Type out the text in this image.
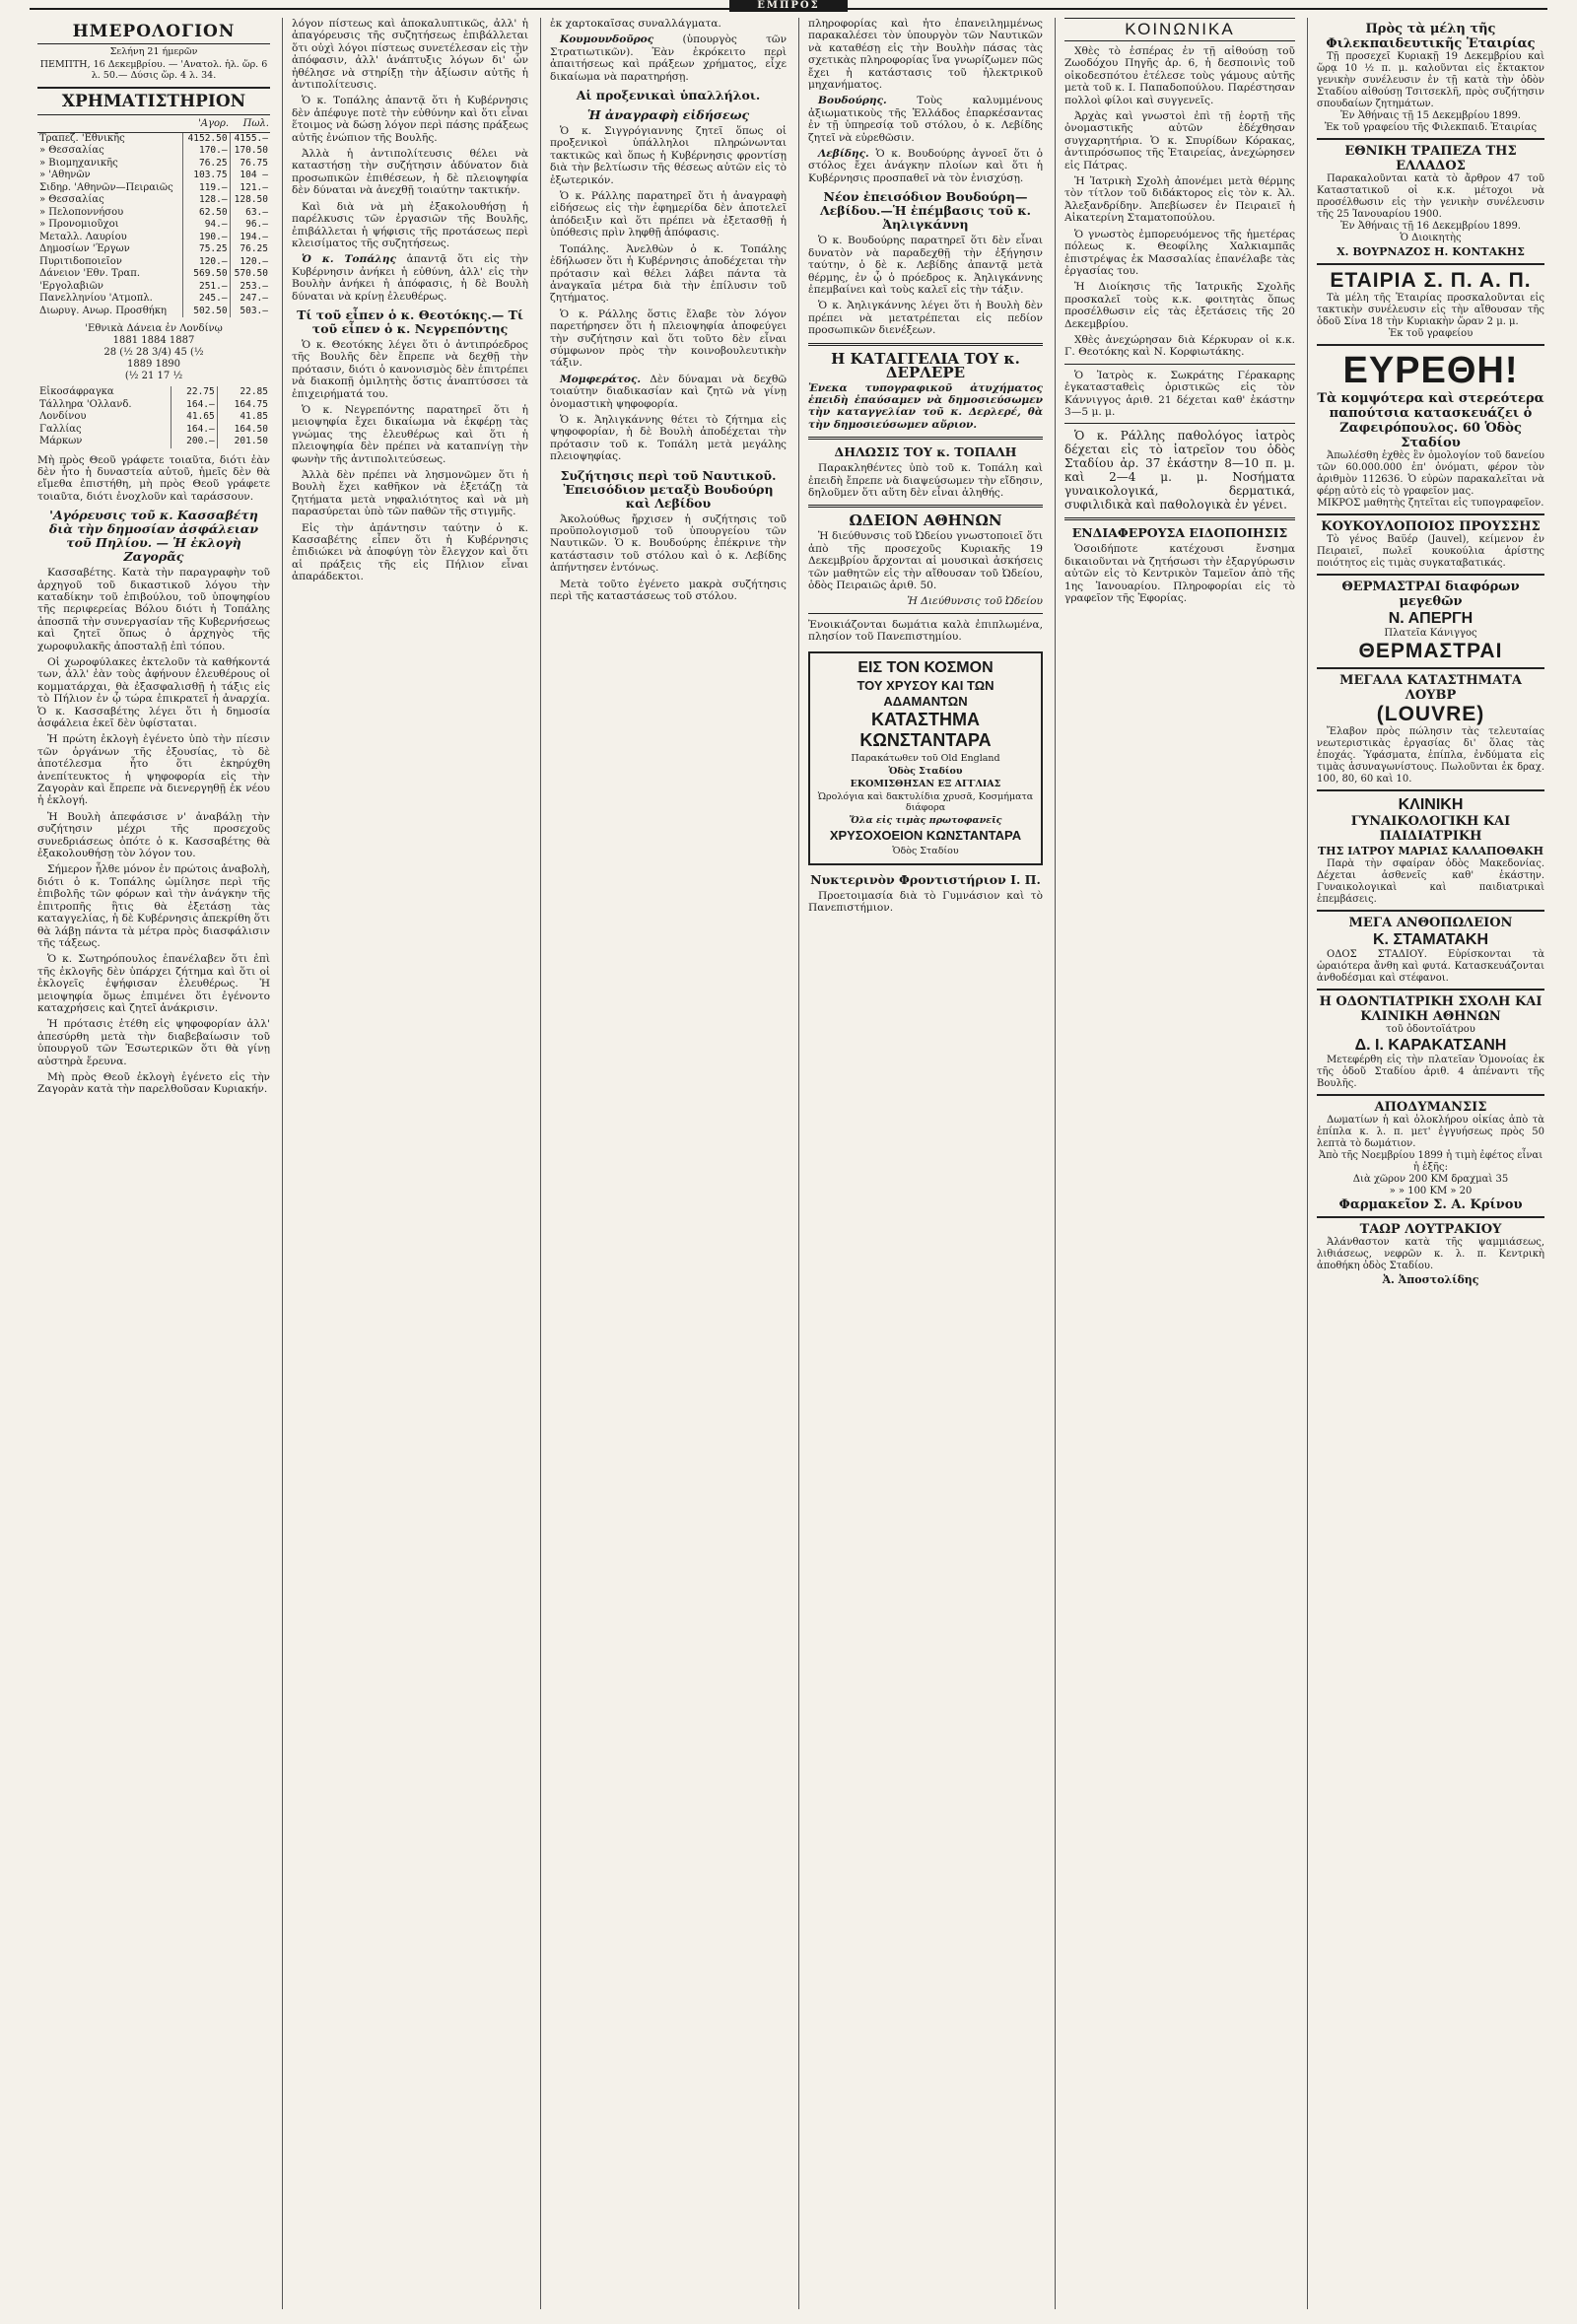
ΕΜΠΡΟΣ
ΗΜΕΡΟΛΟΓΙΟΝ
Σελήνη 21 ήμερῶν
ΠΕΜΠΤΗ, 16 Δεκεμβρίου. — 'Ανατολ. ἡλ. ὥρ. 6 λ. 50.— Δύσις ὥρ. 4 λ. 34.
ΧΡΗΜΑΤΙΣΤΗΡΙΟΝ
	'Αγορ.	Πωλ.
Τραπεζ. 'Εθνικῆς	4152.50	4155.—
» Θεσσαλίας	170.—	170.50
» Βιομηχανικῆς	76.25	76.75
» 'Αθηνῶν	103.75	104 —
Σιδηρ. 'Αθηνῶν—Πειραιῶς	119.—	121.—
» Θεσσαλίας	128.—	128.50
» Πελοποννήσου	62.50	63.—
» Προνομιοῦχοι	94.—	96.—
Μεταλλ. Λαυρίου	190.—	194.—
Δημοσίων 'Έργων	75.25	76.25
Πυριτιδοποιεῖον	120.—	120.—
Δάνειον 'Εθν. Τραπ.	569.50	570.50
'Εργολαβιῶν	251.—	253.—
Πανελληνίου 'Ατμοπλ.	245.—	247.—
Διωρυγ. Ανωρ. Προσθήκη	502.50	503.—
'Εθνικὰ Δάνεια ἐν Λονδίνῳ
1881 1884 1887
28 (½ 28 3/4) 45 (½
1889 1890
(½ 21 17 ½
Εἰκοσάφραγκα	22.75	22.85
Τάλληρα 'Ολλανδ.	164.—	164.75
Λονδίνου	41.65	41.85
Γαλλίας	164.—	164.50
Μάρκων	200.—	201.50

Μὴ πρὸς Θεοῦ γράφετε τοιαῦτα, διότι ἐὰν δὲν ἦτο ἡ δυναστεία αὐτοῦ, ἡμεῖς δὲν θὰ εἴμεθα ἐπιστήθη, μὴ πρὸς Θεοῦ γράφετε τοιαῦτα, διότι ἐνοχλοῦν καὶ ταράσσουν.

'Αγόρευσις τοῦ κ. Κασσαβέτη διὰ τὴν δημοσίαν ἀσφάλειαν τοῦ Πηλίου. — Ἡ ἐκλογὴ Ζαγορᾶς

Κασσαβέτης. Κατὰ τὴν παραγραφὴν τοῦ ἀρχηγοῦ τοῦ δικαστικοῦ λόγου τὴν καταδίκην τοῦ ἐπιβούλου, τοῦ ὑποψηφίου τῆς περιφερείας Βόλου διότι ἡ Τοπάλης ἀποσπᾶ τὴν συνεργασίαν τῆς Κυβερνήσεως καὶ ζητεῖ ὅπως ὁ ἀρχηγὸς τῆς χωροφυλακῆς ἀποσταλῇ ἐπὶ τόπου.

Οἱ χωροφύλακες ἐκτελοῦν τὰ καθήκοντά των, ἀλλ' ἐὰν τοὺς ἀφήνουν ἐλευθέρους οἱ κομματάρχαι, θὰ ἐξασφαλισθῇ ἡ τάξις εἰς τὸ Πήλιον ἐν ᾧ τώρα ἐπικρατεῖ ἡ ἀναρχία. Ὁ κ. Κασσαβέτης λέγει ὅτι ἡ δημοσία ἀσφάλεια ἐκεῖ δὲν ὑφίσταται.

Ἡ πρώτη ἐκλογὴ ἐγένετο ὑπὸ τὴν πίεσιν τῶν ὀργάνων τῆς ἐξουσίας, τὸ δὲ ἀποτέλεσμα ἦτο ὅτι ἐκηρύχθη ἀνεπίτευκτος ἡ ψηφοφορία εἰς τὴν Ζαγορὰν καὶ ἔπρεπε νὰ διενεργηθῇ ἐκ νέου ἡ ἐκλογή.

Ἡ Βουλὴ ἀπεφάσισε ν' ἀναβάλῃ τὴν συζήτησιν μέχρι τῆς προσεχοῦς συνεδριάσεως ὁπότε ὁ κ. Κασσαβέτης θὰ ἐξακολουθήσῃ τὸν λόγον του.

Σήμερον ἦλθε μόνον ἐν πρώτοις ἀναβολὴ, διότι ὁ κ. Τοπάλης ὡμίλησε περὶ τῆς ἐπιβολῆς τῶν φόρων καὶ τὴν ἀνάγκην τῆς ἐπιτροπῆς ἣτις θὰ ἐξετάσῃ τὰς καταγγελίας, ἡ δὲ Κυβέρνησις ἀπεκρίθη ὅτι θὰ λάβῃ πάντα τὰ μέτρα πρὸς διασφάλισιν τῆς τάξεως.

Ὁ κ. Σωτηρόπουλος ἐπανέλαβεν ὅτι ἐπὶ τῆς ἐκλογῆς δὲν ὑπάρχει ζήτημα καὶ ὅτι οἱ ἐκλογεῖς ἐψήφισαν ἐλευθέρως. Ἡ μειοψηφία ὅμως ἐπιμένει ὅτι ἐγένοντο καταχρήσεις καὶ ζητεῖ ἀνάκρισιν.

Ἡ πρότασις ἐτέθη εἰς ψηφοφορίαν ἀλλ' ἀπεσύρθη μετὰ τὴν διαβεβαίωσιν τοῦ ὑπουργοῦ τῶν Ἐσωτερικῶν ὅτι θὰ γίνῃ αὐστηρὰ ἔρευνα.

Μὴ πρὸς Θεοῦ ἐκλογὴ ἐγένετο εἰς τὴν Ζαγορὰν κατὰ τὴν παρελθοῦσαν Κυριακήν.

λόγον πίστεως καὶ ἀποκαλυπτικῶς, ἀλλ' ἡ ἀπαγόρευσις τῆς συζητήσεως ἐπιβάλλεται ὅτι οὐχὶ λόγοι πίστεως συνετέλεσαν εἰς τὴν ἀπόφασιν, ἀλλ' ἀνάπτυξις λόγων δι' ὧν ἠθέλησε νὰ στηρίξῃ τὴν ἀξίωσιν αὐτῆς ἡ ἀντιπολίτευσις.

Ὁ κ. Τοπάλης ἀπαντᾷ ὅτι ἡ Κυβέρνησις δὲν ἀπέφυγε ποτὲ τὴν εὐθύνην καὶ ὅτι εἶναι ἕτοιμος νὰ δώσῃ λόγον περὶ πάσης πράξεως αὐτῆς ἐνώπιον τῆς Βουλῆς.

Ἀλλὰ ἡ ἀντιπολίτευσις θέλει νὰ καταστήσῃ τὴν συζήτησιν ἀδύνατον διὰ προσωπικῶν ἐπιθέσεων, ἡ δὲ πλειοψηφία δὲν δύναται νὰ ἀνεχθῇ τοιαύτην τακτικήν.

Καὶ διὰ νὰ μὴ ἐξακολουθήσῃ ἡ παρέλκυσις τῶν ἐργασιῶν τῆς Βουλῆς, ἐπιβάλλεται ἡ ψήφισις τῆς προτάσεως περὶ κλεισίματος τῆς συζητήσεως.

Ὁ κ. Τοπάλης ἀπαντᾷ ὅτι εἰς τὴν Κυβέρνησιν ἀνήκει ἡ εὐθύνη, ἀλλ' εἰς τὴν Βουλὴν ἀνήκει ἡ ἀπόφασις, ἡ δὲ Βουλὴ δύναται νὰ κρίνῃ ἐλευθέρως.

Τί τοῦ εἶπεν ὁ κ. Θεοτόκης.— Τί τοῦ εἶπεν ὁ κ. Νεγρεπόντης

Ὁ κ. Θεοτόκης λέγει ὅτι ὁ ἀντιπρόεδρος τῆς Βουλῆς δὲν ἔπρεπε νὰ δεχθῇ τὴν πρότασιν, διότι ὁ κανονισμὸς δὲν ἐπιτρέπει νὰ διακοπῇ ὁμιλητὴς ὅστις ἀναπτύσσει τὰ ἐπιχειρήματά του.

Ὁ κ. Νεγρεπόντης παρατηρεῖ ὅτι ἡ μειοψηφία ἔχει δικαίωμα νὰ ἐκφέρῃ τὰς γνώμας της ἐλευθέρως καὶ ὅτι ἡ πλειοψηφία δὲν πρέπει νὰ καταπνίγῃ τὴν φωνὴν τῆς ἀντιπολιτεύσεως.

Ἀλλὰ δὲν πρέπει νὰ λησμονῶμεν ὅτι ἡ Βουλὴ ἔχει καθῆκον νὰ ἐξετάζῃ τὰ ζητήματα μετὰ νηφαλιότητος καὶ νὰ μὴ παρασύρεται ὑπὸ τῶν παθῶν τῆς στιγμῆς.

Εἰς τὴν ἀπάντησιν ταύτην ὁ κ. Κασσαβέτης εἶπεν ὅτι ἡ Κυβέρνησις ἐπιδιώκει νὰ ἀποφύγῃ τὸν ἔλεγχον καὶ ὅτι αἱ πράξεις τῆς εἰς Πήλιον εἶναι ἀπαράδεκτοι.

ἐκ χαρτοκαῖσας συναλλάγματα.

Κουμουνδοῦρος	(ὑπουργὸς τῶν Στρατιωτικῶν). Ἐὰν ἐκρόκειτο περὶ ἀπαιτήσεως καὶ πράξεων χρήματος, εἶχε δικαίωμα νὰ παρατηρήσῃ.

Αἱ προξενικαὶ ὑπαλλήλοι.
Ἡ ἀναγραφὴ εἰδήσεως

Ὁ κ. Σιγγρόγιαννης ζητεῖ ὅπως οἱ προξενικοὶ ὑπάλληλοι πληρώνωνται τακτικῶς καὶ ὅπως ἡ Κυβέρνησις φροντίσῃ διὰ τὴν βελτίωσιν τῆς θέσεως αὐτῶν εἰς τὸ ἐξωτερικόν.

Ὁ κ. Ράλλης παρατηρεῖ ὅτι ἡ ἀναγραφὴ εἰδήσεως εἰς τὴν ἐφημερίδα δὲν ἀποτελεῖ ἀπόδειξιν καὶ ὅτι πρέπει νὰ ἐξετασθῇ ἡ ὑπόθεσις πρὶν ληφθῇ ἀπόφασις.

Τοπάλης. Ἀνελθὼν ὁ κ. Τοπάλης ἐδήλωσεν ὅτι ἡ Κυβέρνησις ἀποδέχεται τὴν πρότασιν καὶ θέλει λάβει πάντα τὰ ἀναγκαῖα μέτρα διὰ τὴν ἐπίλυσιν τοῦ ζητήματος.

Ὁ κ. Ράλλης ὅστις ἔλαβε τὸν λόγον παρετήρησεν ὅτι ἡ πλειοψηφία ἀποφεύγει τὴν συζήτησιν καὶ ὅτι τοῦτο δὲν εἶναι σύμφωνον πρὸς τὴν κοινοβουλευτικὴν τάξιν.

Μομφεράτος. Δὲν δύναμαι νὰ δεχθῶ τοιαύτην διαδικασίαν καὶ ζητῶ νὰ γίνῃ ὀνομαστικὴ ψηφοφορία.

Ὁ κ. Ἀηλιγκάννης θέτει τὸ ζήτημα εἰς ψηφοφορίαν, ἡ δὲ Βουλὴ ἀποδέχεται τὴν πρότασιν τοῦ κ. Τοπάλη μετὰ μεγάλης πλειοψηφίας.

Συζήτησις περὶ τοῦ Ναυτικοῦ. Ἐπεισόδιον μεταξὺ Βουδούρη καὶ Λεβίδου

Ἀκολούθως ἤρχισεν ἡ συζήτησις τοῦ προϋπολογισμοῦ τοῦ ὑπουργείου τῶν Ναυτικῶν. Ὁ κ. Βουδούρης ἐπέκρινε τὴν κατάστασιν τοῦ στόλου καὶ ὁ κ. Λεβίδης ἀπήντησεν ἐντόνως.

Μετὰ τοῦτο ἐγένετο μακρὰ συζήτησις περὶ τῆς καταστάσεως τοῦ στόλου.

πληροφορίας καὶ ἦτο ἐπανειλημμένως παρακαλέσει τὸν ὑπουργὸν τῶν Ναυτικῶν νὰ καταθέσῃ εἰς τὴν Βουλὴν πάσας τὰς σχετικὰς πληροφορίας ἵνα γνωρίζωμεν πῶς ἔχει ἡ κατάστασις τοῦ ἡλεκτρικοῦ μηχανήματος.

Βουδούρης.	Τοὺς καλυμμένους ἀξιωματικοὺς τῆς Ἑλλάδος ἐπαρκέσαντας ἐν τῇ ὑπηρεσίᾳ τοῦ στόλου, ὁ κ. Λεβίδης ζητεῖ νὰ εὐρεθῶσιν.

Λεβίδης. Ὁ κ. Βουδούρης ἀγνοεῖ ὅτι ὁ στόλος ἔχει ἀνάγκην πλοίων καὶ ὅτι ἡ Κυβέρνησις προσπαθεῖ νὰ τὸν ἐνισχύσῃ.

Νέον ἐπεισόδιον Βουδούρη—Λεβίδου.—Ἡ ἐπέμβασις τοῦ κ. Ἀηλιγκάννη

Ὁ κ. Βουδούρης παρατηρεῖ ὅτι δὲν εἶναι δυνατὸν νὰ παραδεχθῇ τὴν ἐξήγησιν ταύτην, ὁ δὲ κ. Λεβίδης ἀπαντᾷ μετὰ θέρμης, ἐν ᾧ ὁ πρόεδρος κ. Ἀηλιγκάννης ἐπεμβαίνει καὶ τοὺς καλεῖ εἰς τὴν τάξιν.

Ὁ κ. Ἀηλιγκάννης λέγει ὅτι ἡ Βουλὴ δὲν πρέπει νὰ μετατρέπεται εἰς πεδίον προσωπικῶν διενέξεων.

Η ΚΑΤΑΓΓΕΛΙΑ ΤΟΥ κ. ΔΕΡΛΕΡΕ

Ἐνεκα τυπογραφικοῦ ἀτυχήματος ἐπειδὴ ἐπαύσαμεν νὰ δημοσιεύσωμεν τὴν καταγγελίαν τοῦ κ. Δερλερέ, θὰ τὴν δημοσιεύσωμεν αὔριον.

ΔΗΛΩΣΙΣ ΤΟΥ κ. ΤΟΠΑΛΗ

Παρακληθέντες ὑπὸ τοῦ κ. Τοπάλη καὶ ἐπειδὴ ἔπρεπε νὰ διαψεύσωμεν τὴν εἴδησιν, δηλοῦμεν ὅτι αὕτη δὲν εἶναι ἀληθής.

ΩΔΕΙΟΝ ΑΘΗΝΩΝ

Ἡ διεύθυνσις τοῦ Ὠδείου γνωστοποιεῖ ὅτι ἀπὸ τῆς προσεχοῦς Κυριακῆς 19 Δεκεμβρίου ἄρχονται αἱ μουσικαὶ ἀσκήσεις τῶν μαθητῶν εἰς τὴν αἴθουσαν τοῦ Ὠδείου, ὁδὸς Πειραιῶς ἀριθ. 50.

Ἡ Διεύθυνσις τοῦ Ὠδείου

Ἐνοικιάζονται δωμάτια καλὰ ἐπιπλωμένα, πλησίον τοῦ Πανεπιστημίου.

ΕΙΣ ΤΟΝ ΚΟΣΜΟΝ
ΤΟΥ ΧΡΥΣΟΥ ΚΑΙ ΤΩΝ ΑΔΑΜΑΝΤΩΝ
ΚΑΤΑΣΤΗΜΑ ΚΩΝΣΤΑΝΤΑΡΑ
Παρακάτωθεν τοῦ Old England
Ὁδὸς Σταδίου
ΕΚΟΜΙΣΘΗΣΑΝ ΕΞ ΑΓΓΛΙΑΣ
Ὡρολόγια καὶ δακτυλίδια χρυσᾶ, Κοσμήματα διάφορα
Ὅλα εἰς τιμὰς πρωτοφανεῖς
ΧΡΥΣΟΧΟΕΙΟΝ ΚΩΝΣΤΑΝΤΑΡΑ
Ὁδὸς Σταδίου
Νυκτερινὸν Φροντιστήριον Ι. Π.

Προετοιμασία διὰ τὸ Γυμνάσιον καὶ τὸ Πανεπιστήμιον.

ΚΟΙΝΩΝΙΚΑ

Χθὲς τὸ ἑσπέρας ἐν τῇ αἰθούσῃ τοῦ Ζωοδόχου Πηγῆς ἀρ. 6, ἡ δεσποινὶς τοῦ οἰκοδεσπότου ἐτέλεσε τοὺς γάμους αὐτῆς μετὰ τοῦ κ. Ι. Παπαδοπούλου. Παρέστησαν πολλοὶ φίλοι καὶ συγγενεῖς.

Ἀρχὰς καὶ γνωστοὶ ἐπὶ τῇ ἑορτῇ τῆς ὀνομαστικῆς αὐτῶν ἐδέχθησαν συγχαρητήρια. Ὁ κ. Σπυρίδων Κόρακας, ἀντιπρόσωπος τῆς Ἑταιρείας, ἀνεχώρησεν εἰς Πάτρας.

Ἡ Ἰατρικὴ Σχολὴ ἀπονέμει μετὰ θέρμης τὸν τίτλον τοῦ διδάκτορος εἰς τὸν κ. Ἀλ. Ἀλεξανδρίδην. Ἀπεβίωσεν ἐν Πειραιεῖ ἡ Αἰκατερίνη Σταματοπούλου.

Ὁ γνωστὸς ἐμπορευόμενος τῆς ἡμετέρας πόλεως κ. Θεοφίλης Χαλκιαμπᾶς ἐπιστρέψας ἐκ Μασσαλίας ἐπανέλαβε τὰς ἐργασίας του.

Ἡ Διοίκησις τῆς Ἰατρικῆς Σχολῆς προσκαλεῖ τοὺς κ.κ. φοιτητὰς ὅπως προσέλθωσιν εἰς τὰς ἐξετάσεις τῆς 20 Δεκεμβρίου.

Χθὲς ἀνεχώρησαν διὰ Κέρκυραν οἱ κ.κ. Γ. Θεοτόκης καὶ Ν. Κορφιωτάκης.

Ὁ Ἰατρὸς κ. Σωκράτης Γέρακαρης ἐγκατασταθεὶς ὁριστικῶς εἰς τὸν Κάννιγγος ἀριθ. 21 δέχεται καθ' ἑκάστην 3—5 μ. μ.

Ὁ κ. Ράλλης παθολόγος ἰατρὸς δέχεται εἰς τὸ ἰατρεῖον του ὁδὸς Σταδίου ἀρ. 37 ἑκάστην 8—10 π. μ. καὶ 2—4 μ. μ. Νοσήματα γυναικολογικά, δερματικά, συφιλιδικὰ καὶ παθολογικὰ ἐν γένει.

ΕΝΔΙΑΦΕΡΟΥΣΑ ΕΙΔΟΠΟΙΗΣΙΣ

Ὁσοιδήποτε κατέχουσι ἔνσημα δικαιοῦνται νὰ ζητήσωσι τὴν ἐξαργύρωσιν αὐτῶν εἰς τὸ Κεντρικὸν Ταμεῖον ἀπὸ τῆς 1ης Ἰανουαρίου. Πληροφορίαι εἰς τὸ γραφεῖον τῆς Ἐφορίας.

Πρὸς τὰ μέλη τῆς Φιλεκπαιδευτικῆς Ἑταιρίας
Τῇ προσεχεῖ Κυριακῇ 19 Δεκεμβρίου καὶ ὥρᾳ 10 ½ π. μ. καλοῦνται εἰς ἔκτακτον γενικὴν συνέλευσιν ἐν τῇ κατὰ τὴν ὁδὸν Σταδίου αἰθούσῃ Τσιτσεκλῆ, πρὸς συζήτησιν σπουδαίων ζητημάτων.
Ἐν Ἀθήναις τῇ 15 Δεκεμβρίου 1899.
Ἐκ τοῦ γραφείου τῆς Φιλεκπαιδ. Ἑταιρίας
ΕΘΝΙΚΗ ΤΡΑΠΕΖΑ ΤΗΣ ΕΛΛΑΔΟΣ
Παρακαλοῦνται κατὰ τὸ ἄρθρον 47 τοῦ Καταστατικοῦ οἱ κ.κ. μέτοχοι νὰ προσέλθωσιν εἰς τὴν γενικὴν συνέλευσιν τῆς 25 Ἰανουαρίου 1900.
Ἐν Ἀθήναις τῇ 16 Δεκεμβρίου 1899.
Ὁ Διοικητὴς
Χ. ΒΟΥΡΝΑΖΟΣ Η. ΚΟΝΤΑΚΗΣ
ΕΤΑΙΡΙΑ Σ. Π. Α. Π.
Τὰ μέλη τῆς Ἑταιρίας προσκαλοῦνται εἰς τακτικὴν συνέλευσιν εἰς τὴν αἴθουσαν τῆς ὁδοῦ Σίνα 18 τὴν Κυριακὴν ὥραν 2 μ. μ.
Ἐκ τοῦ γραφείου
ΕΥΡΕΘΗ!
Τὰ κομψότερα καὶ στερεότερα παπούτσια κατασκευάζει ὁ Ζαφειρόπουλος. 60 Ὁδὸς Σταδίου
Ἀπωλέσθη ἐχθὲς ἓν ὁμολογίον τοῦ δανείου τῶν 60.000.000 ἐπ' ὀνόματι, φέρον τὸν ἀριθμὸν 112636. Ὁ εὑρὼν παρακαλεῖται νὰ φέρῃ αὐτὸ εἰς τὸ γραφεῖον μας.
ΜΙΚΡΟΣ μαθητὴς ζητεῖται εἰς τυπογραφεῖον.
ΚΟΥΚΟΥΛΟΠΟΙΟΣ ΠΡΟΥΣΣΗΣ
Τὸ γένος Βαϋέρ (Jauvel), κείμενον ἐν Πειραιεῖ, πωλεῖ κουκούλια ἀρίστης ποιότητος εἰς τιμὰς συγκαταβατικάς.
ΘΕΡΜΑΣΤΡΑΙ διαφόρων μεγεθῶν
Ν. ΑΠΕΡΓΗ
Πλατεῖα Κάνιγγος
ΘΕΡΜΑΣΤΡΑΙ
ΜΕΓΑΛΑ ΚΑΤΑΣΤΗΜΑΤΑ ΛΟΥΒΡ
(LOUVRE)
Ἔλαβον πρὸς πώλησιν τὰς τελευταίας νεωτεριστικὰς ἐργασίας δι' ὅλας τὰς ἐποχάς. Ὑφάσματα, ἐπίπλα, ἐνδύματα εἰς τιμὰς ἀσυναγωνίστους. Πωλοῦνται ἐκ δραχ. 100, 80, 60 καὶ 10.
ΚΛΙΝΙΚΗ
ΓΥΝΑΙΚΟΛΟΓΙΚΗ ΚΑΙ ΠΑΙΔΙΑΤΡΙΚΗ
ΤΗΣ ΙΑΤΡΟΥ ΜΑΡΙΑΣ ΚΑΛΑΠΟΘΑΚΗ
Παρὰ τὴν σφαίραν ὁδὸς Μακεδονίας. Δέχεται ἀσθενεῖς καθ' ἑκάστην. Γυναικολογικαὶ καὶ παιδιατρικαὶ ἐπεμβάσεις.
ΜΕΓΑ ΑΝΘΟΠΩΛΕΙΟΝ
Κ. ΣΤΑΜΑΤΑΚΗ
ΟΔΟΣ ΣΤΑΔΙΟΥ. Εὑρίσκονται τὰ ὡραιότερα ἄνθη καὶ φυτά. Κατασκευάζονται ἀνθοδέσμαι καὶ στέφανοι.
Η ΟΔΟΝΤΙΑΤΡΙΚΗ ΣΧΟΛΗ ΚΑΙ ΚΛΙΝΙΚΗ ΑΘΗΝΩΝ
τοῦ ὀδοντοϊάτρου
Δ. Ι. ΚΑΡΑΚΑΤΣΑΝΗ
Μετεφέρθη εἰς τὴν πλατεῖαν Ὁμονοίας ἐκ τῆς ὁδοῦ Σταδίου ἀριθ. 4 ἀπέναντι τῆς Βουλῆς.
ΑΠΟΔΥΜΑΝΣΙΣ
Δωματίων ἡ καὶ ὁλοκλήρου οἰκίας ἀπὸ τὰ ἐπίπλα κ. λ. π. μετ' ἐγγυήσεως πρὸς 50 λεπτὰ τὸ δωμάτιον.
Ἀπὸ τῆς Νοεμβρίου 1899 ἡ τιμὴ ἐφέτος εἶναι ἡ ἑξῆς:
Διὰ χῶρον 200 ΚΜ δραχμαὶ 35
» » 100 ΚΜ » 20
Φαρμακεῖον Σ. Α. Κρίνου
ΤΑΩΡ ΛΟΥΤΡΑΚΙΟΥ
Ἀλάνθαστον κατὰ τῆς ψαμμιάσεως, λιθιάσεως, νεφρῶν κ. λ. π. Κεντρικὴ ἀποθήκη ὁδὸς Σταδίου.
Ἀ. Ἀποστολίδης
